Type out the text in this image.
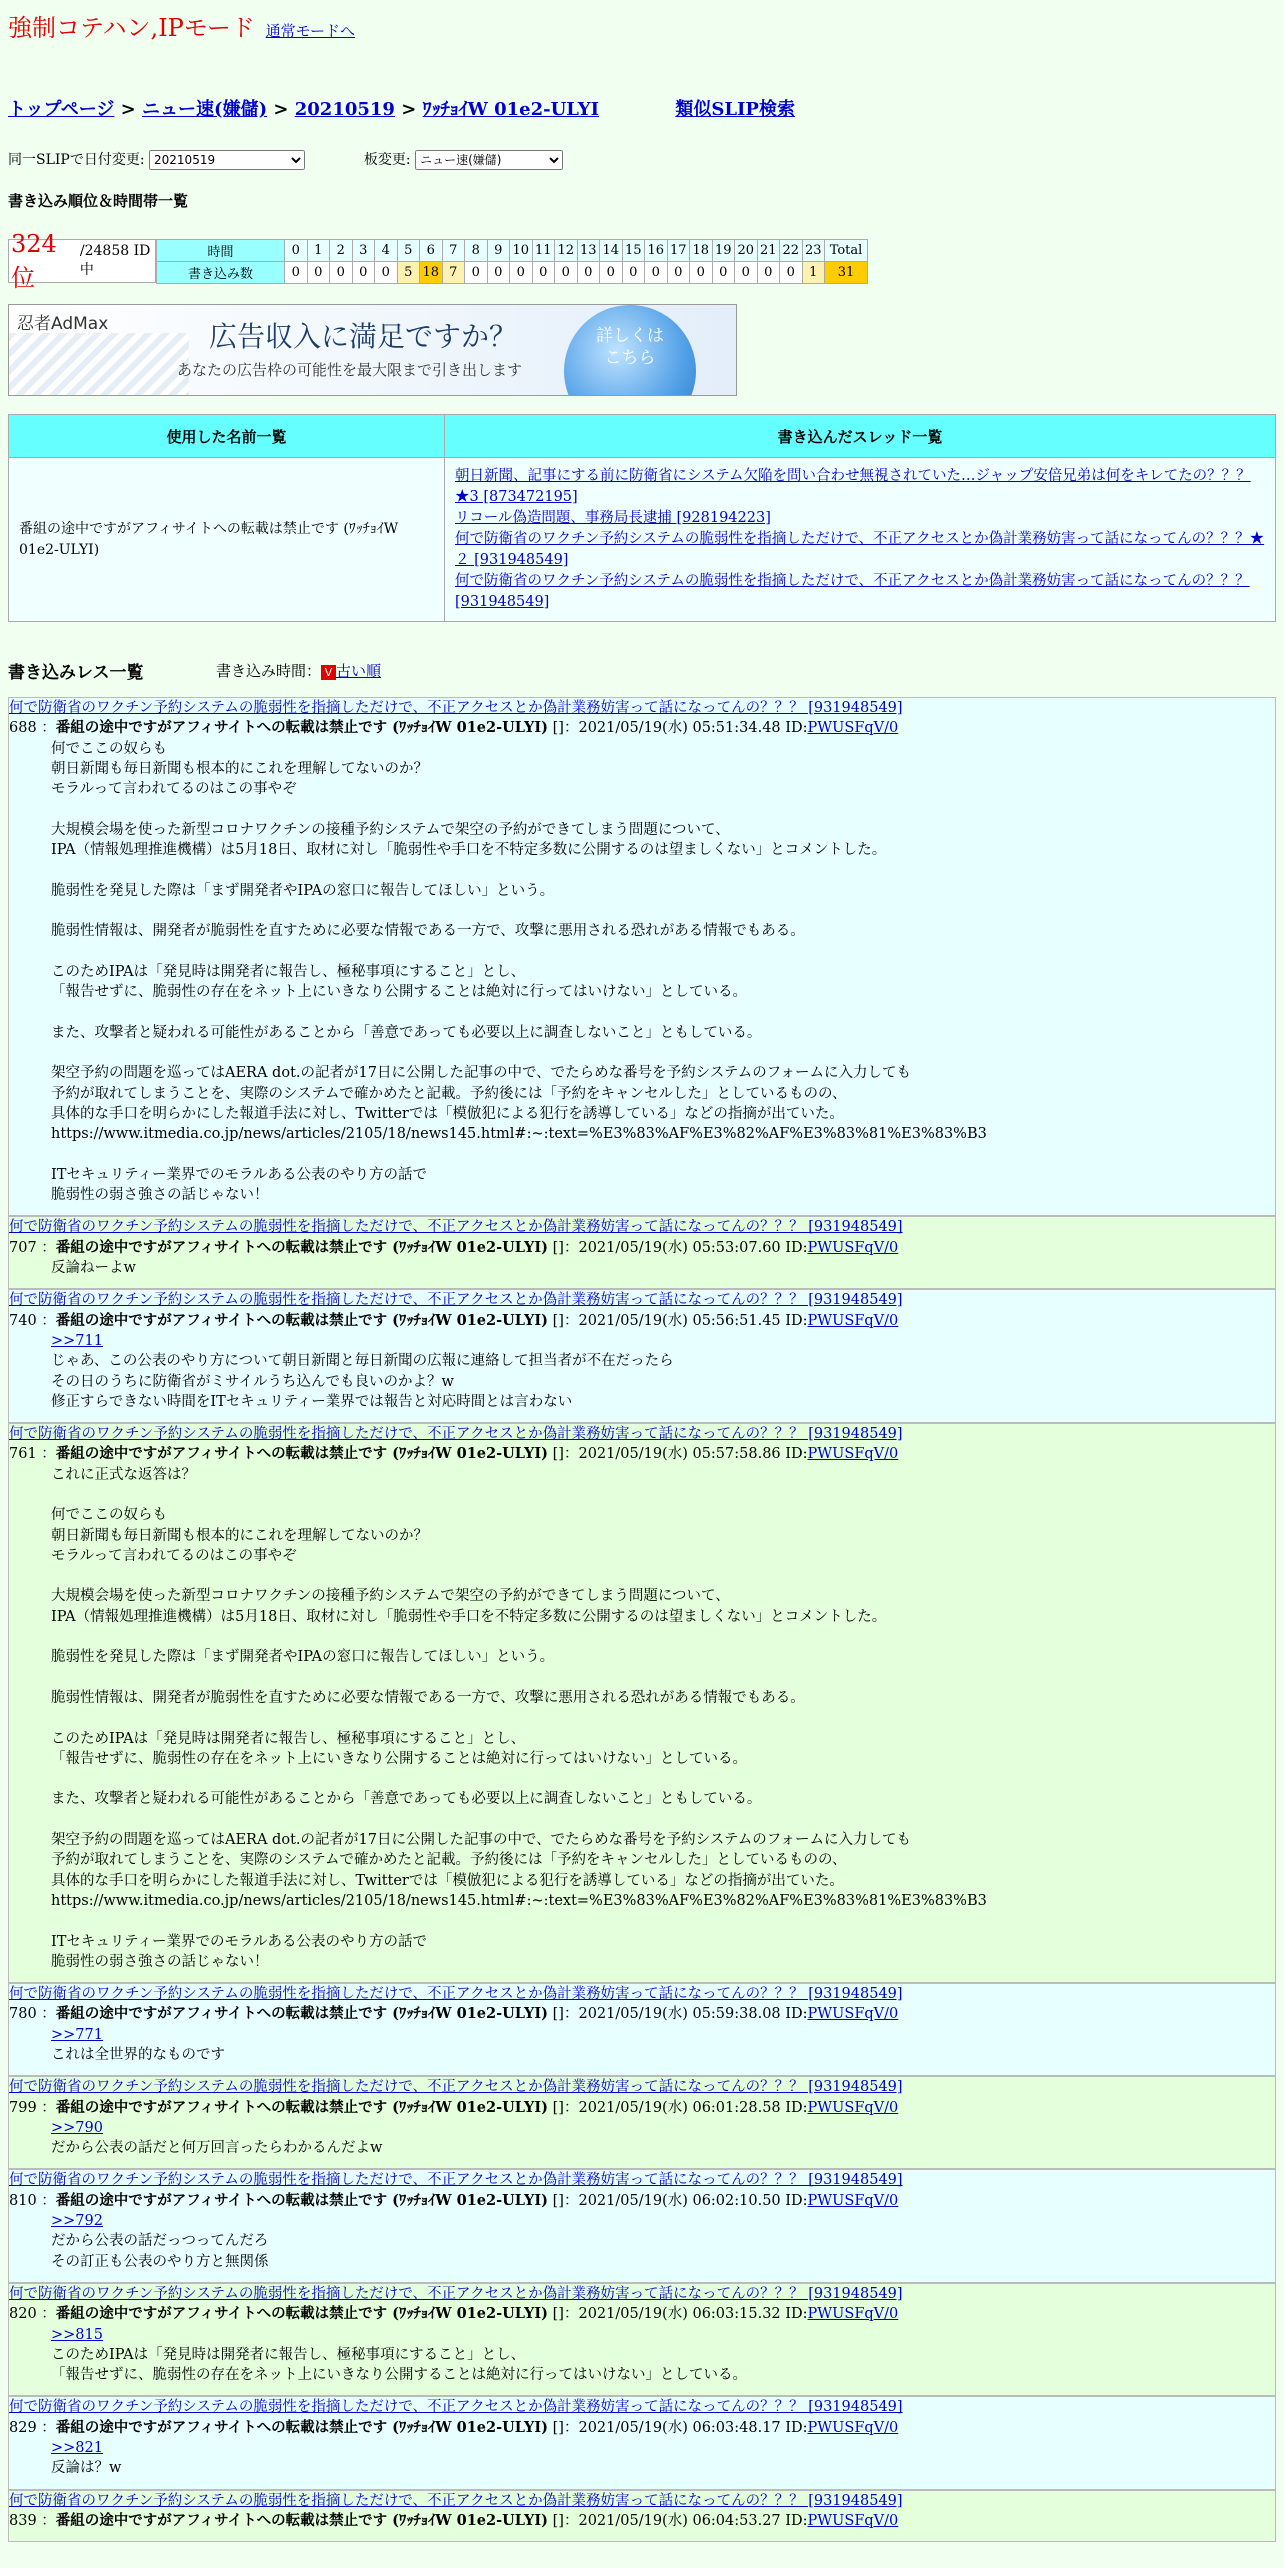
強制コテハン,IPモード 通常モードへ
トップページ > ニュー速(嫌儲) > 20210519 > ﾜｯﾁｮｲW 01e2-ULYI	類似SLIP検索
同一SLIPで日付変更:
20210519	板変更:
ニュー速(嫌儲)
書き込み順位＆時間帯一覧
324 位
/24858 ID中
時間	0	1	2	3	4	5	6	7	8	9	10	11	12	13	14	15	16	17	18	19	20	21	22	23	Total
書き込み数	0	0	0	0	0	5	18	7	0	0	0	0	0	0	0	0	0	0	0	0	0	0	0	1	31
忍者AdMax	広告収入に満足ですか？
あなたの広告枠の可能性を最大限まで引き出します
詳しくは
こちら
使用した名前一覧	書き込んだスレッド一覧
番組の途中ですがアフィサイトへの転載は禁止です (ﾜｯﾁｮｲW 01e2-ULYI)	朝日新聞、記事にする前に防衛省にシステム欠陥を問い合わせ無視されていた…ジャップ安倍兄弟は何をキレてたの？？？★3 [873472195]
リコール偽造問題、事務局長逮捕 [928194223]
何で防衛省のワクチン予約システムの脆弱性を指摘しただけで、不正アクセスとか偽計業務妨害って話になってんの？？？★２ [931948549]
何で防衛省のワクチン予約システムの脆弱性を指摘しただけで、不正アクセスとか偽計業務妨害って話になってんの？？？ [931948549]
書き込みレス一覧	書き込み時間： V 古い順
何で防衛省のワクチン予約システムの脆弱性を指摘しただけで、不正アクセスとか偽計業務妨害って話になってんの？？？ [931948549]
688 ：番組の途中ですがアフィサイトへの転載は禁止です (ﾜｯﾁｮｲW 01e2-ULYI) []：2021/05/19(水) 05:51:34.48 ID:PWUSFqV/0
何でここの奴らも
朝日新聞も毎日新聞も根本的にこれを理解してないのか？
モラルって言われてるのはこの事やぞ

大規模会場を使った新型コロナワクチンの接種予約システムで架空の予約ができてしまう問題について、
IPA（情報処理推進機構）は5月18日、取材に対し「脆弱性や手口を不特定多数に公開するのは望ましくない」とコメントした。

脆弱性を発見した際は「まず開発者やIPAの窓口に報告してほしい」という。

脆弱性情報は、開発者が脆弱性を直すために必要な情報である一方で、攻撃に悪用される恐れがある情報でもある。

このためIPAは「発見時は開発者に報告し、極秘事項にすること」とし、
「報告せずに、脆弱性の存在をネット上にいきなり公開することは絶対に行ってはいけない」としている。

また、攻撃者と疑われる可能性があることから「善意であっても必要以上に調査しないこと」ともしている。

架空予約の問題を巡ってはAERA dot.の記者が17日に公開した記事の中で、でたらめな番号を予約システムのフォームに入力しても
予約が取れてしまうことを、実際のシステムで確かめたと記載。予約後には「予約をキャンセルした」としているものの、
具体的な手口を明らかにした報道手法に対し、Twitterでは「模倣犯による犯行を誘導している」などの指摘が出ていた。
https://www.itmedia.co.jp/news/articles/2105/18/news145.html#:~:text=%E3%83%AF%E3%82%AF%E3%83%81%E3%83%B3

ITセキュリティー業界でのモラルある公表のやり方の話で
脆弱性の弱さ強さの話じゃない！
何で防衛省のワクチン予約システムの脆弱性を指摘しただけで、不正アクセスとか偽計業務妨害って話になってんの？？？ [931948549]
707 ：番組の途中ですがアフィサイトへの転載は禁止です (ﾜｯﾁｮｲW 01e2-ULYI) []：2021/05/19(水) 05:53:07.60 ID:PWUSFqV/0
反論ねーよw
何で防衛省のワクチン予約システムの脆弱性を指摘しただけで、不正アクセスとか偽計業務妨害って話になってんの？？？ [931948549]
740 ：番組の途中ですがアフィサイトへの転載は禁止です (ﾜｯﾁｮｲW 01e2-ULYI) []：2021/05/19(水) 05:56:51.45 ID:PWUSFqV/0
>>711
じゃあ、この公表のやり方について朝日新聞と毎日新聞の広報に連絡して担当者が不在だったら
その日のうちに防衛省がミサイルうち込んでも良いのかよ？w
修正すらできない時間をITセキュリティー業界では報告と対応時間とは言わない
何で防衛省のワクチン予約システムの脆弱性を指摘しただけで、不正アクセスとか偽計業務妨害って話になってんの？？？ [931948549]
761 ：番組の途中ですがアフィサイトへの転載は禁止です (ﾜｯﾁｮｲW 01e2-ULYI) []：2021/05/19(水) 05:57:58.86 ID:PWUSFqV/0
これに正式な返答は？

何でここの奴らも
朝日新聞も毎日新聞も根本的にこれを理解してないのか？
モラルって言われてるのはこの事やぞ

大規模会場を使った新型コロナワクチンの接種予約システムで架空の予約ができてしまう問題について、
IPA（情報処理推進機構）は5月18日、取材に対し「脆弱性や手口を不特定多数に公開するのは望ましくない」とコメントした。

脆弱性を発見した際は「まず開発者やIPAの窓口に報告してほしい」という。

脆弱性情報は、開発者が脆弱性を直すために必要な情報である一方で、攻撃に悪用される恐れがある情報でもある。

このためIPAは「発見時は開発者に報告し、極秘事項にすること」とし、
「報告せずに、脆弱性の存在をネット上にいきなり公開することは絶対に行ってはいけない」としている。

また、攻撃者と疑われる可能性があることから「善意であっても必要以上に調査しないこと」ともしている。

架空予約の問題を巡ってはAERA dot.の記者が17日に公開した記事の中で、でたらめな番号を予約システムのフォームに入力しても
予約が取れてしまうことを、実際のシステムで確かめたと記載。予約後には「予約をキャンセルした」としているものの、
具体的な手口を明らかにした報道手法に対し、Twitterでは「模倣犯による犯行を誘導している」などの指摘が出ていた。
https://www.itmedia.co.jp/news/articles/2105/18/news145.html#:~:text=%E3%83%AF%E3%82%AF%E3%83%81%E3%83%B3

ITセキュリティー業界でのモラルある公表のやり方の話で
脆弱性の弱さ強さの話じゃない！
何で防衛省のワクチン予約システムの脆弱性を指摘しただけで、不正アクセスとか偽計業務妨害って話になってんの？？？ [931948549]
780 ：番組の途中ですがアフィサイトへの転載は禁止です (ﾜｯﾁｮｲW 01e2-ULYI) []：2021/05/19(水) 05:59:38.08 ID:PWUSFqV/0
>>771
これは全世界的なものです
何で防衛省のワクチン予約システムの脆弱性を指摘しただけで、不正アクセスとか偽計業務妨害って話になってんの？？？ [931948549]
799 ：番組の途中ですがアフィサイトへの転載は禁止です (ﾜｯﾁｮｲW 01e2-ULYI) []：2021/05/19(水) 06:01:28.58 ID:PWUSFqV/0
>>790
だから公表の話だと何万回言ったらわかるんだよw
何で防衛省のワクチン予約システムの脆弱性を指摘しただけで、不正アクセスとか偽計業務妨害って話になってんの？？？ [931948549]
810 ：番組の途中ですがアフィサイトへの転載は禁止です (ﾜｯﾁｮｲW 01e2-ULYI) []：2021/05/19(水) 06:02:10.50 ID:PWUSFqV/0
>>792
だから公表の話だっつってんだろ
その訂正も公表のやり方と無関係
何で防衛省のワクチン予約システムの脆弱性を指摘しただけで、不正アクセスとか偽計業務妨害って話になってんの？？？ [931948549]
820 ：番組の途中ですがアフィサイトへの転載は禁止です (ﾜｯﾁｮｲW 01e2-ULYI) []：2021/05/19(水) 06:03:15.32 ID:PWUSFqV/0
>>815
このためIPAは「発見時は開発者に報告し、極秘事項にすること」とし、
「報告せずに、脆弱性の存在をネット上にいきなり公開することは絶対に行ってはいけない」としている。
何で防衛省のワクチン予約システムの脆弱性を指摘しただけで、不正アクセスとか偽計業務妨害って話になってんの？？？ [931948549]
829 ：番組の途中ですがアフィサイトへの転載は禁止です (ﾜｯﾁｮｲW 01e2-ULYI) []：2021/05/19(水) 06:03:48.17 ID:PWUSFqV/0
>>821
反論は？w
何で防衛省のワクチン予約システムの脆弱性を指摘しただけで、不正アクセスとか偽計業務妨害って話になってんの？？？ [931948549]
839 ：番組の途中ですがアフィサイトへの転載は禁止です (ﾜｯﾁｮｲW 01e2-ULYI) []：2021/05/19(水) 06:04:53.27 ID:PWUSFqV/0
